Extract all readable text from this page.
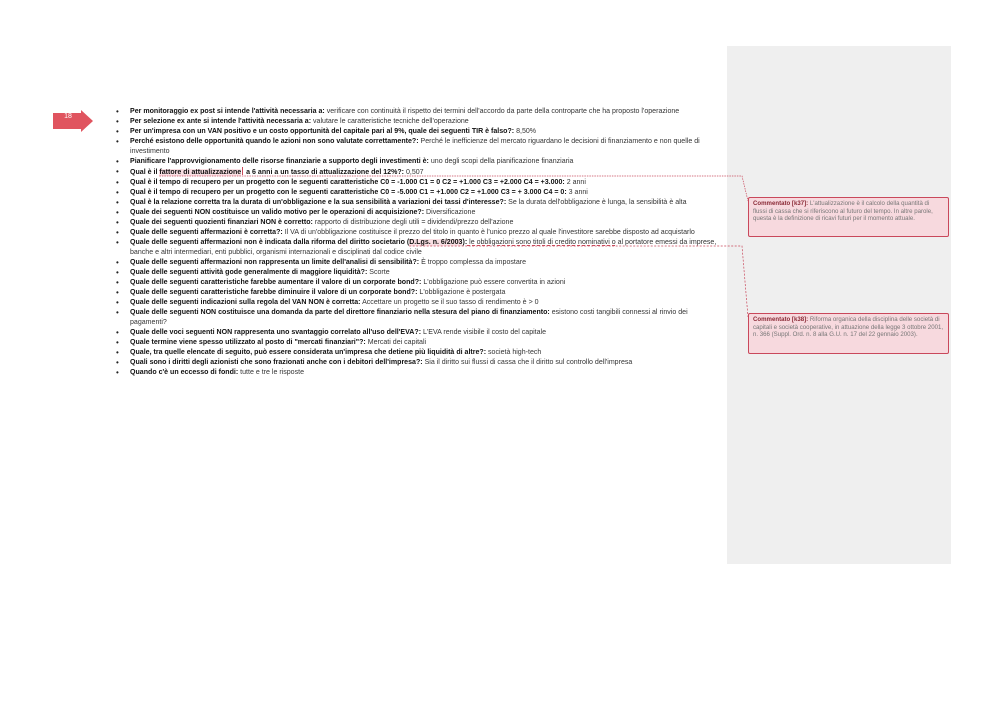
18
• Per monitoraggio ex post si intende l'attività necessaria a: verificare con continuità il rispetto dei termini dell'accordo da parte della controparte che ha proposto l'operazione
• Per selezione ex ante si intende l'attività necessaria a: valutare le caratteristiche tecniche dell'operazione
• Per un'impresa con un VAN positivo e un costo opportunità del capitale pari al 9%, quale dei seguenti TIR è falso?: 8,50%
• Perché esistono delle opportunità quando le azioni non sono valutate correttamente?: Perché le inefficienze del mercato riguardano le decisioni di finanziamento e non quelle di investimento
• Pianificare l'approvvigionamento delle risorse finanziarie a supporto degli investimenti è: uno degli scopi della pianificazione finanziaria
• Qual è il fattore di attualizzazione a 6 anni a un tasso di attualizzazione del 12%?: 0,507
• Qual è il tempo di recupero per un progetto con le seguenti caratteristiche C0 = -1.000 C1 = 0 C2 = +1.000 C3 = +2.000 C4 = +3.000: 2 anni
• Qual è il tempo di recupero per un progetto con le seguenti caratteristiche C0 = -5.000 C1 = +1.000 C2 = +1.000 C3 = + 3.000 C4 = 0: 3 anni
• Qual è la relazione corretta tra la durata di un'obbligazione e la sua sensibilità a variazioni dei tassi d'interesse?: Se la durata dell'obbligazione è lunga, la sensibilità è alta
• Quale dei seguenti NON costituisce un valido motivo per le operazioni di acquisizione?: Diversificazione
• Quale dei seguenti quozienti finanziari NON è corretto: rapporto di distribuzione degli utili = dividendi/prezzo dell'azione
• Quale delle seguenti affermazioni è corretta?: Il VA di un'obbligazione costituisce il prezzo del titolo in quanto è l'unico prezzo al quale l'investitore sarebbe disposto ad acquistarlo
• Quale delle seguenti affermazioni non è indicata dalla riforma del diritto societario (D.Lgs. n. 6/2003): le obbligazioni sono titoli di credito nominativi o al portatore emessi da imprese, banche e altri intermediari, enti pubblici, organismi internazionali e disciplinati dal codice civile
• Quale delle seguenti affermazioni non rappresenta un limite dell'analisi di sensibilità?: È troppo complessa da impostare
• Quale delle seguenti attività gode generalmente di maggiore liquidità?: Scorte
• Quale delle seguenti caratteristiche farebbe aumentare il valore di un corporate bond?: L'obbligazione può essere convertita in azioni
• Quale delle seguenti caratteristiche farebbe diminuire il valore di un corporate bond?: L'obbligazione è postergata
• Quale delle seguenti indicazioni sulla regola del VAN NON è corretta: Accettare un progetto se il suo tasso di rendimento è > 0
• Quale delle seguenti NON costituisce una domanda da parte del direttore finanziario nella stesura del piano di finanziamento: esistono costi tangibili connessi al rinvio dei pagamenti?
• Quale delle voci seguenti NON rappresenta uno svantaggio correlato all'uso dell'EVA?: L'EVA rende visibile il costo del capitale
• Quale termine viene spesso utilizzato al posto di "mercati finanziari"?: Mercati dei capitali
• Quale, tra quelle elencate di seguito, può essere considerata un'impresa che detiene più liquidità di altre?: società high-tech
• Quali sono i diritti degli azionisti che sono frazionati anche con i debitori dell'impresa?: Sia il diritto sui flussi di cassa che il diritto sul controllo dell'impresa
• Quando c'è un eccesso di fondi: tutte e tre le risposte
Commentato [k37]: L'attualizzazione è il calcolo della quantità di flussi di cassa che si riferiscono al futuro del tempo. In altre parole, questa è la definizione di ricavi futuri per il momento attuale.
Commentato [k38]: Riforma organica della disciplina delle società di capitali e società cooperative, in attuazione della legge 3 ottobre 2001, n. 366 (Suppl. Ord. n. 8 alla G.U. n. 17 del 22 gennaio 2003).
